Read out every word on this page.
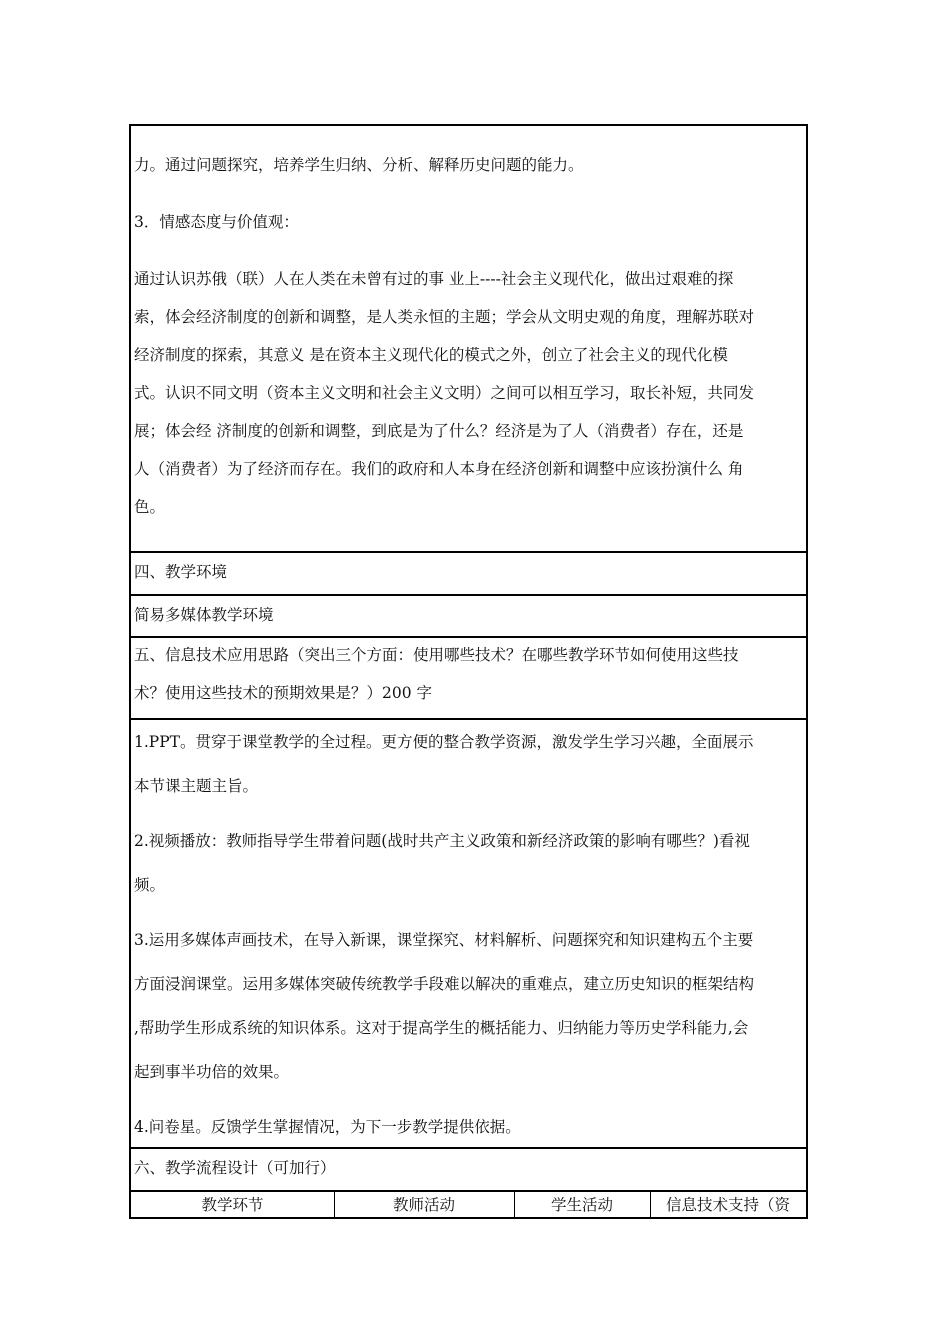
力。通过问题探究，培养学生归纳、分析、解释历史问题的能力。

3．情感态度与价值观：

通过认识苏俄（联）人在人类在未曾有过的事 业上----社会主义现代化，做出过艰难的探

索，体会经济制度的创新和调整，是人类永恒的主题；学会从文明史观的角度，理解苏联对

经济制度的探索，其意义 是在资本主义现代化的模式之外，创立了社会主义的现代化模

式。认识不同文明（资本主义文明和社会主义文明）之间可以相互学习，取长补短，共同发

展；体会经 济制度的创新和调整，到底是为了什么？经济是为了人（消费者）存在，还是

人（消费者）为了经济而存在。我们的政府和人本身在经济创新和调整中应该扮演什么 角

色。

四、教学环境

简易多媒体教学环境

五、信息技术应用思路（突出三个方面：使用哪些技术？在哪些教学环节如何使用这些技

术？使用这些技术的预期效果是？）200 字

1.PPT。贯穿于课堂教学的全过程。更方便的整合教学资源，激发学生学习兴趣，全面展示

本节课主题主旨。

2.视频播放：教师指导学生带着问题(战时共产主义政策和新经济政策的影响有哪些？)看视

频。

3.运用多媒体声画技术，在导入新课，课堂探究、材料解析、问题探究和知识建构五个主要

方面浸润课堂。运用多媒体突破传统教学手段难以解决的重难点，建立历史知识的框架结构

,帮助学生形成系统的知识体系。这对于提高学生的概括能力、归纳能力等历史学科能力,会

起到事半功倍的效果。

4.问卷星。反馈学生掌握情况，为下一步教学提供依据。

六、教学流程设计（可加行）

教学环节	教师活动	学生活动	信息技术支持（资
